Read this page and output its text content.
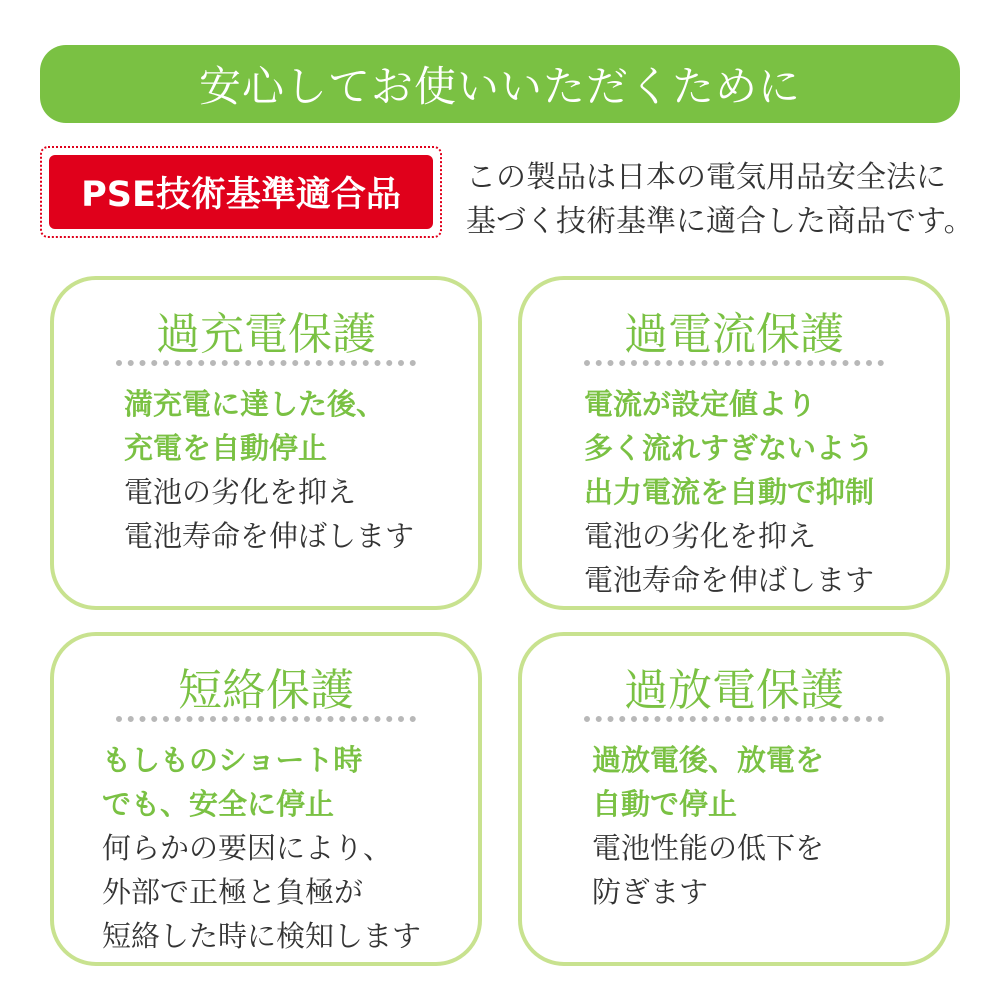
安心してお使いいただくために
PSE技術基準適合品 この製品は日本の電気用品安全法に
基づく技術基準に適合した商品です。
過充電保護
満充電に達した後、
充電を自動停止
電池の劣化を抑え
電池寿命を伸ばします
過電流保護
電流が設定値より
多く流れすぎないよう
出力電流を自動で抑制
電池の劣化を抑え
電池寿命を伸ばします
短絡保護
もしものショート時
でも、安全に停止
何らかの要因により、
外部で正極と負極が
短絡した時に検知します
過放電保護
過放電後、放電を
自動で停止
電池性能の低下を
防ぎます
